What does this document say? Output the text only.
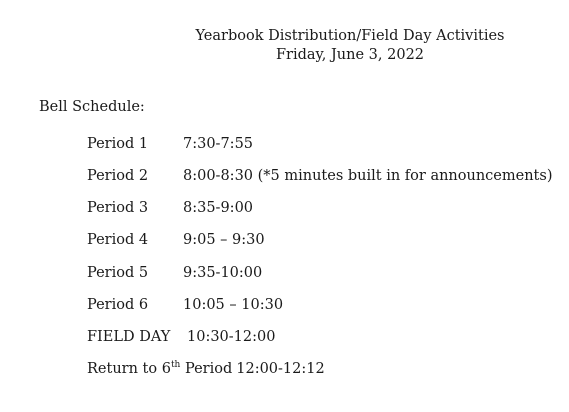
Yearbook Distribution/Field Day Activities
Friday, June 3, 2022
Bell Schedule:
Period 1 7:30-7:55
Period 2 8:00-8:30 (*5 minutes built in for announcements)
Period 3 8:35-9:00
Period 4 9:05 – 9:30
Period 5 9:35-10:00
Period 6 10:05 – 10:30
FIELD DAY 10:30-12:00
Return to 6th Period 12:00-12:12
